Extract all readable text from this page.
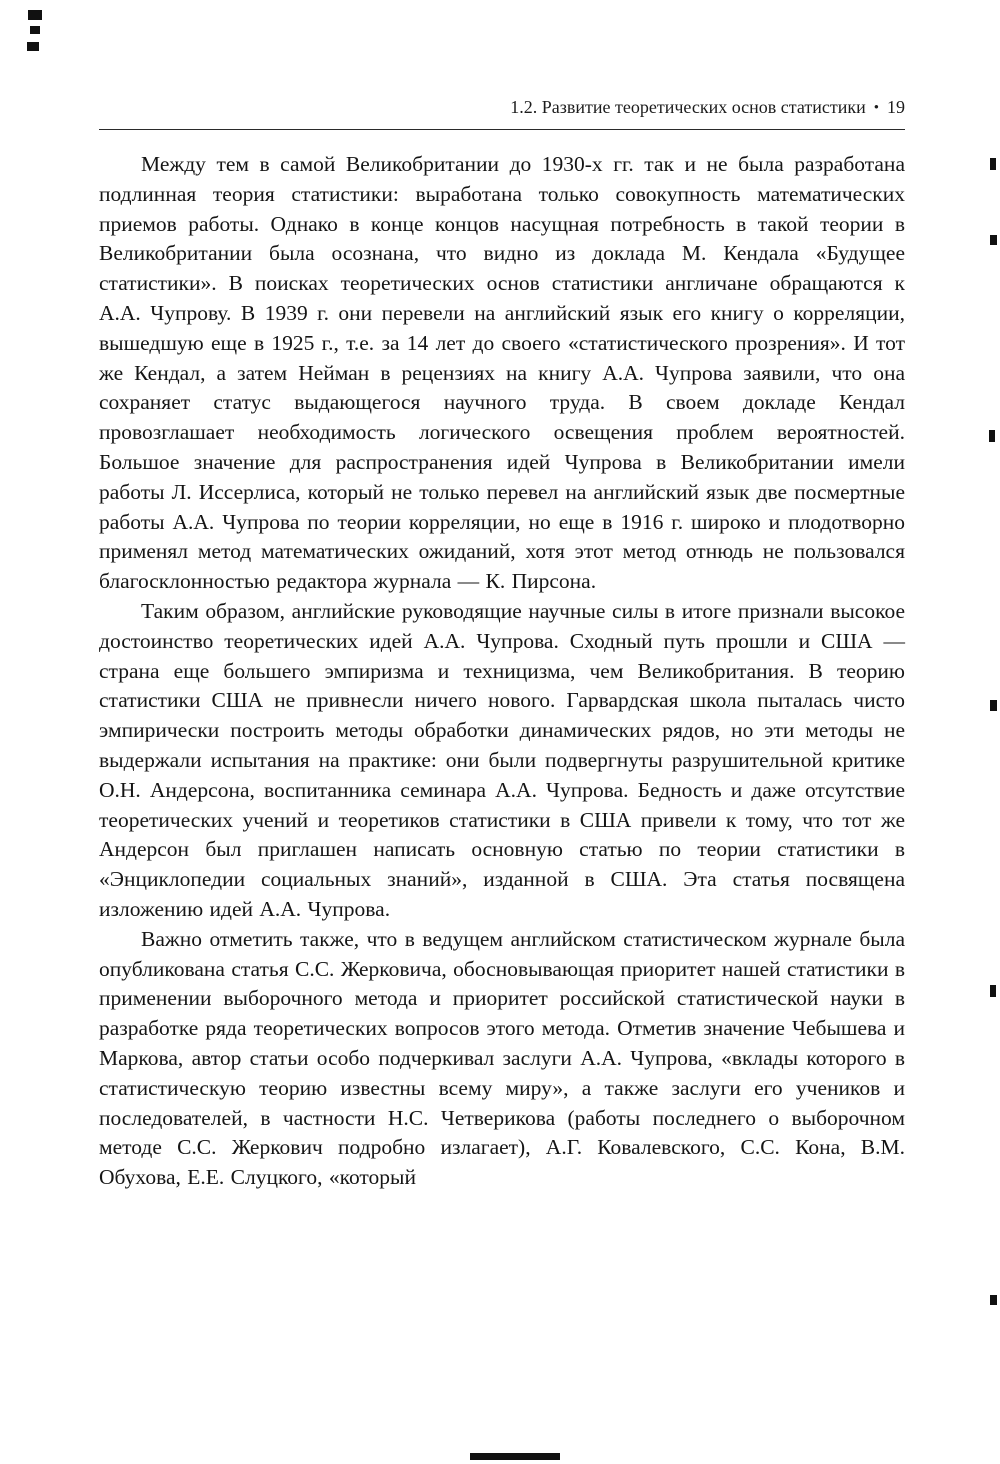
1.2. Развитие теоретических основ статистики • 19

Между тем в самой Великобритании до 1930-х гг. так и не была разработана подлинная теория статистики: выработана только совокупность математических приемов работы. Однако в конце концов насущная потребность в такой теории в Великобритании была осознана, что видно из доклада М. Кендала «Будущее статистики». В поисках теоретических основ статистики англичане обращаются к А.А. Чупрову. В 1939 г. они перевели на английский язык его книгу о корреляции, вышедшую еще в 1925 г., т.е. за 14 лет до своего «статистического прозрения». И тот же Кендал, а затем Нейман в рецензиях на книгу А.А. Чупрова заявили, что она сохраняет статус выдающегося научного труда. В своем докладе Кендал провозглашает необходимость логического освещения проблем вероятностей. Большое значение для распространения идей Чупрова в Великобритании имели работы Л. Иссерлиса, который не только перевел на английский язык две посмертные работы А.А. Чупрова по теории корреляции, но еще в 1916 г. широко и плодотворно применял метод математических ожиданий, хотя этот метод отнюдь не пользовался благосклонностью редактора журнала — К. Пирсона.

Таким образом, английские руководящие научные силы в итоге признали высокое достоинство теоретических идей А.А. Чупрова. Сходный путь прошли и США — страна еще большего эмпиризма и техницизма, чем Великобритания. В теорию статистики США не привнесли ничего нового. Гарвардская школа пыталась чисто эмпирически построить методы обработки динамических рядов, но эти методы не выдержали испытания на практике: они были подвергнуты разрушительной критике О.Н. Андерсона, воспитанника семинара А.А. Чупрова. Бедность и даже отсутствие теоретических учений и теоретиков статистики в США привели к тому, что тот же Андерсон был приглашен написать основную статью по теории статистики в «Энциклопедии социальных знаний», изданной в США. Эта статья посвящена изложению идей А.А. Чупрова.

Важно отметить также, что в ведущем английском статистическом журнале была опубликована статья С.С. Жерковича, обосновывающая приоритет нашей статистики в применении выборочного метода и приоритет российской статистической науки в разработке ряда теоретических вопросов этого метода. Отметив значение Чебышева и Маркова, автор статьи особо подчеркивал заслуги А.А. Чупрова, «вклады которого в статистическую теорию известны всему миру», а также заслуги его учеников и последователей, в частности Н.С. Четверикова (работы последнего о выборочном методе С.С. Жеркович подробно излагает), А.Г. Ковалевского, С.С. Кона, В.М. Обухова, Е.Е. Слуцкого, «который
